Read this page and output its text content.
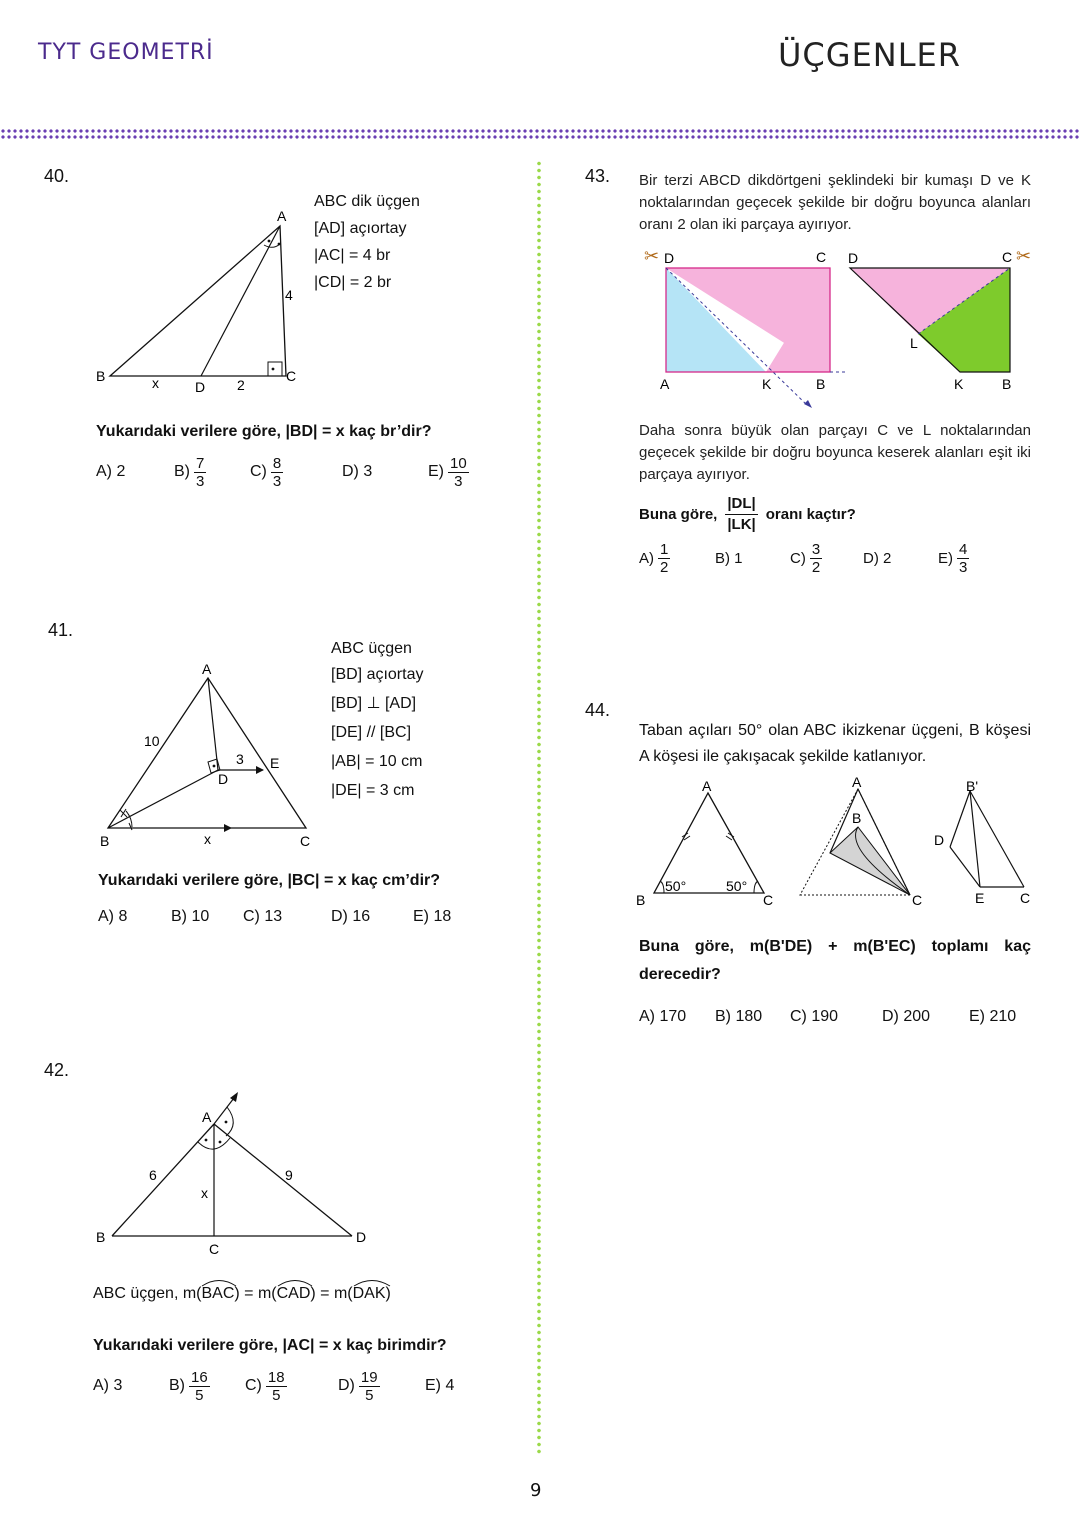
TYT GEOMETRİ	ÜÇGENLER
40.
A
B	C
D
x	2
4
ABC dik üçgen
[AD] açıortay
|AC| = 4 br
|CD| = 2 br
Yukarıdaki verilere göre, |BD| = x kaç br’dir?
A)
2	$B) \frac{7}{3}$	$C) \frac{8}{3}$	D)
3	$E) \frac{10}{3}$
41.
A
B	C
D
E
x
10
3
ABC üçgen
[BD] açıortay
[BD] ⊥ [AD]
[DE] // [BC]
|AB| = 10 cm
|DE| = 3 cm
Yukarıdaki verilere göre, |BC| = x kaç cm’dir?
A) 8	B) 10	C) 13	D) 16	E) 18
42.
A
B
C
D
x
6	9
ABC üçgen, m(
BAC) = m(
CAD) = m(
DAK)
Yukarıdaki verilere göre, |AC| = x kaç birimdir?
A)
3	$B) \frac{16}{5} C) \frac{18}{5}$	$D) \frac{19}{5}$	E)
4
43. Bir terzi ABCD dikdörtgeni şeklindeki bir kumaşı D ve K noktalarından geçecek şekilde bir doğru boyunca alanları oranı 2 olan iki parçaya ayırıyor.
✂ D	C
A	K	B
✂
D	C
L
K	B
Daha sonra büyük olan parçayı C ve L noktalarından geçecek şekilde bir doğru boyunca keserek alanları eşit iki parçaya ayırıyor.
Buna göre, $\frac{|DL|}{|LK|}$ oranı kaçtır?
$A) \frac{1}{2}$	B) 1	$C) \frac{3}{2}$	D) 2	$E) \frac{4}{3}$
44.
Taban açıları 50° olan ABC ikizkenar üçgeni, B köşesi A köşesi ile çakışacak şekilde katlanıyor.
A
B	C
50°	50°
A
B
C
B'
D
E	C
Buna göre, m(B'DE) + m(B'EC) toplamı kaç
derecedir?
A) 170	B) 180	C) 190	D) 200	E) 210
9
